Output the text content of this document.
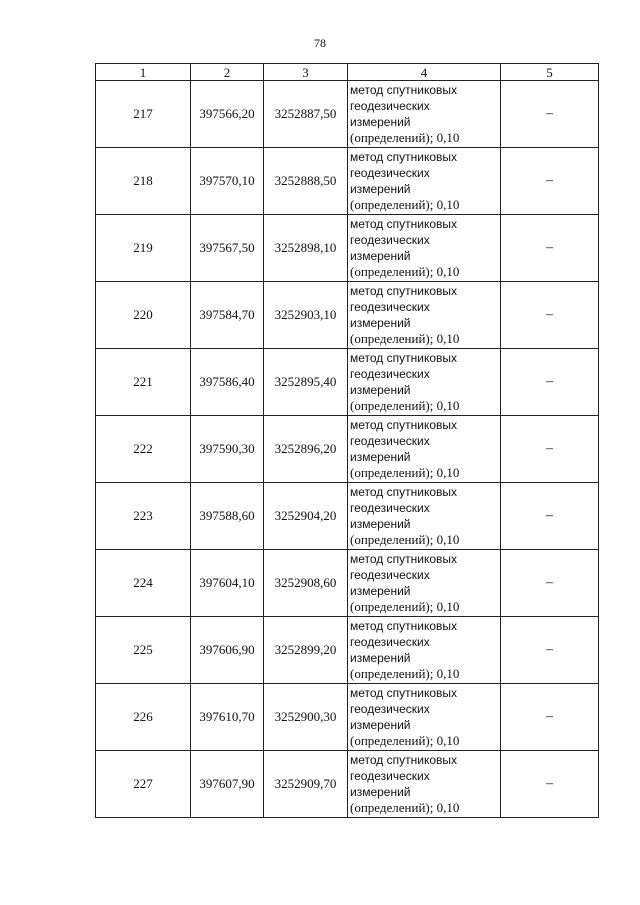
78
1	2	3	4	5
217	397566,20	3252887,50	метод спутниковых
геодезических
измерений
(определений); 0,10	–
218	397570,10	3252888,50	метод спутниковых
геодезических
измерений
(определений); 0,10	–
219	397567,50	3252898,10	метод спутниковых
геодезических
измерений
(определений); 0,10	–
220	397584,70	3252903,10	метод спутниковых
геодезических
измерений
(определений); 0,10	–
221	397586,40	3252895,40	метод спутниковых
геодезических
измерений
(определений); 0,10	–
222	397590,30	3252896,20	метод спутниковых
геодезических
измерений
(определений); 0,10	–
223	397588,60	3252904,20	метод спутниковых
геодезических
измерений
(определений); 0,10	–
224	397604,10	3252908,60	метод спутниковых
геодезических
измерений
(определений); 0,10	–
225	397606,90	3252899,20	метод спутниковых
геодезических
измерений
(определений); 0,10	–
226	397610,70	3252900,30	метод спутниковых
геодезических
измерений
(определений); 0,10	–
227	397607,90	3252909,70	метод спутниковых
геодезических
измерений
(определений); 0,10	–
